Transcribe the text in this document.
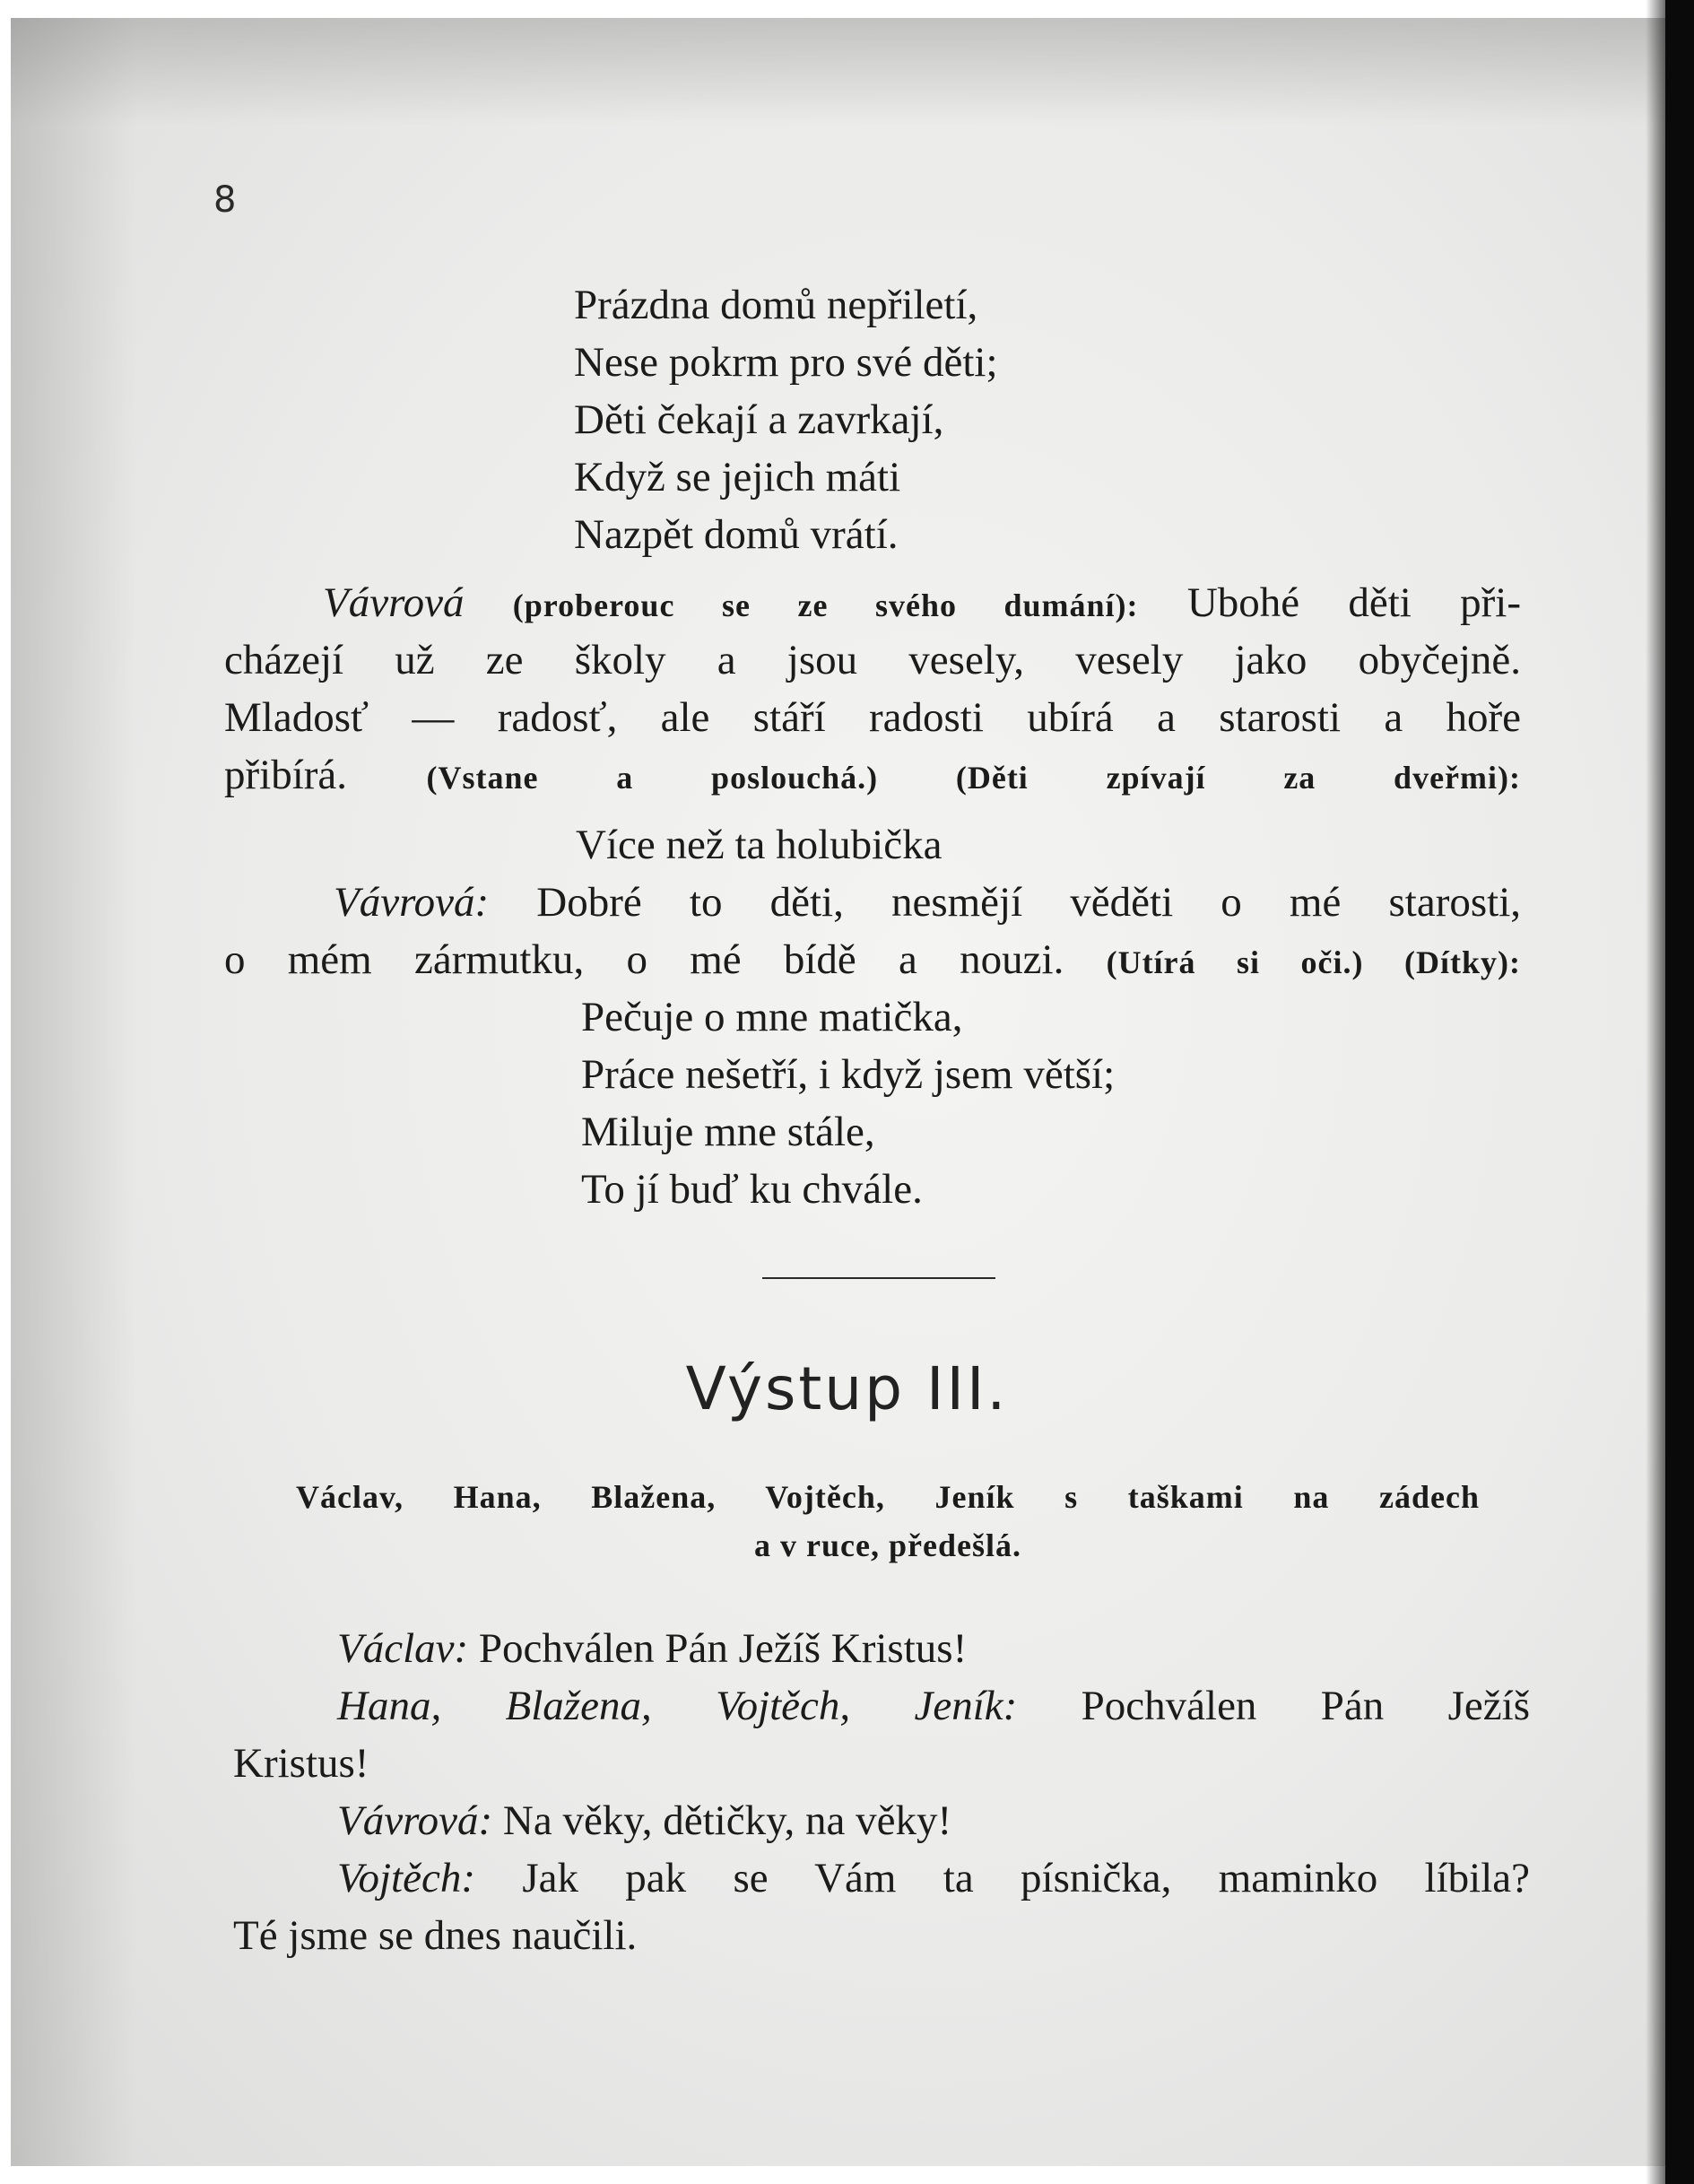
8
Prázdna domů nepřiletí,
Nese pokrm pro své děti;
Děti čekají a zavrkají,
Když se jejich máti
Nazpět domů vrátí.
Vávrová (proberouc se ze svého dumání): Ubohé děti při-
cházejí už ze školy a jsou vesely, vesely jako obyčejně.
Mladosť — radosť, ale stáří radosti ubírá a starosti a hoře
přibírá. (Vstane a poslouchá.) (Děti zpívají za dveřmi):
Více než ta holubička
Vávrová: Dobré to děti, nesmějí věděti o mé starosti,
o mém zármutku, o mé bídě a nouzi. (Utírá si oči.) (Dítky):
Pečuje o mne matička,
Práce nešetří, i když jsem větší;
Miluje mne stále,
To jí buď ku chvále.
Výstup III.
Václav, Hana, Blažena, Vojtěch, Jeník s taškami na zádech
a v ruce, předešlá.
Václav: Pochválen Pán Ježíš Kristus!
Hana, Blažena, Vojtěch, Jeník: Pochválen Pán Ježíš
Kristus!
Vávrová: Na věky, dětičky, na věky!
Vojtěch: Jak pak se Vám ta písnička, maminko líbila?
Té jsme se dnes naučili.
